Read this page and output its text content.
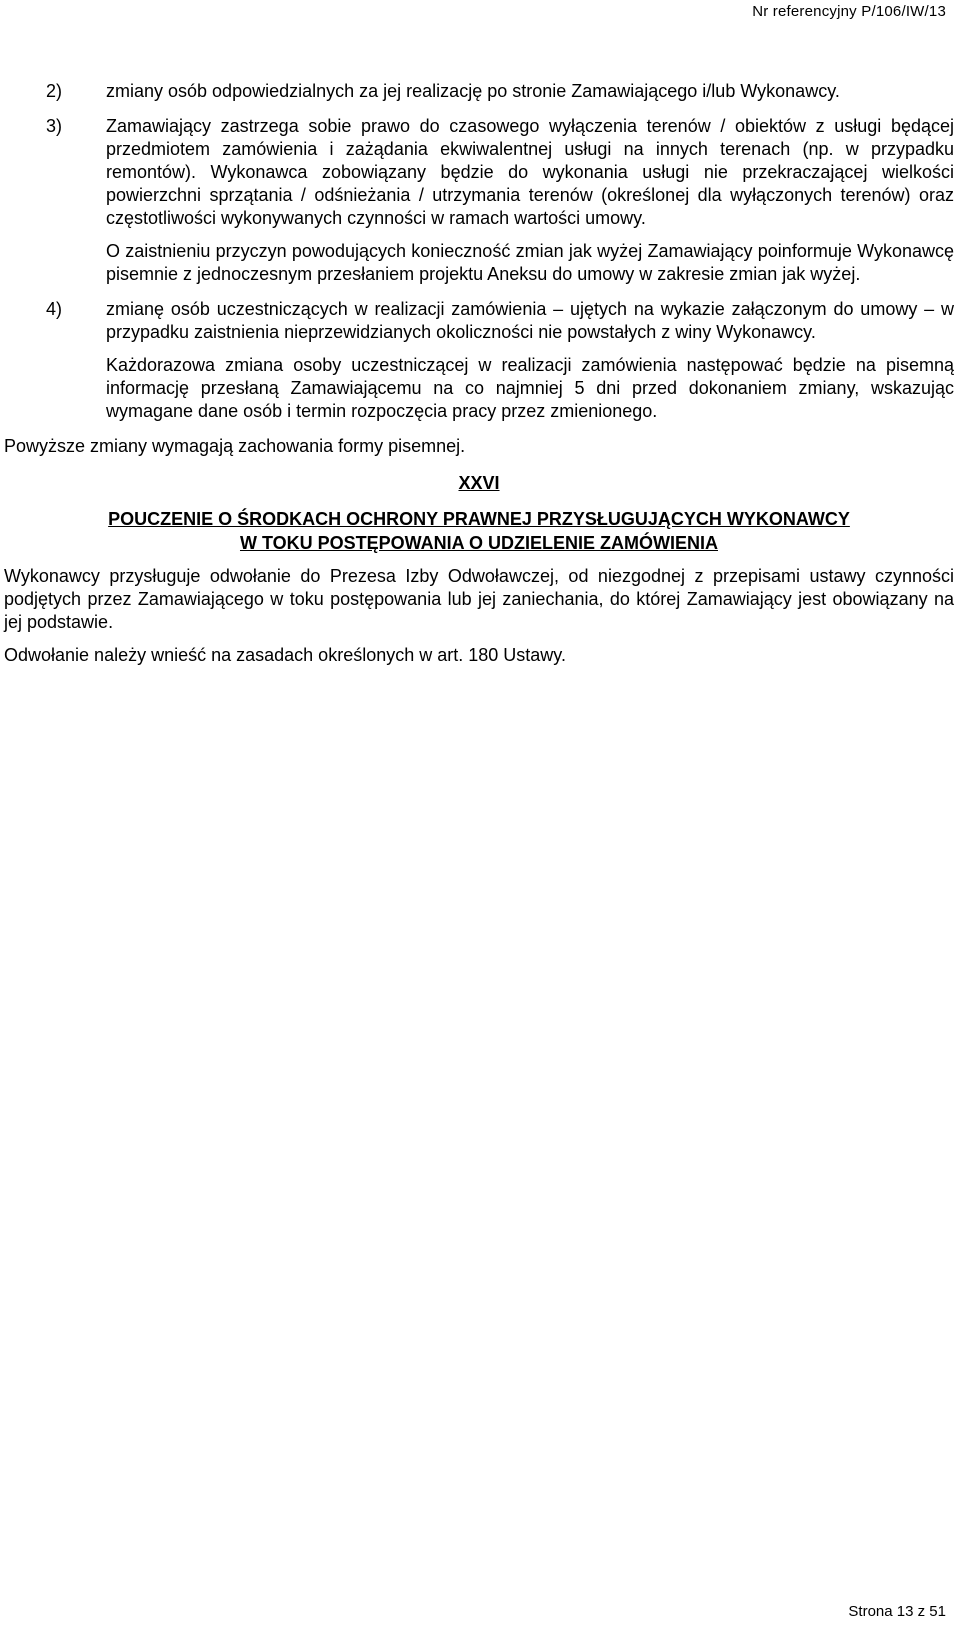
Nr referencyjny P/106/IW/13
2) zmiany osób odpowiedzialnych za jej realizację po stronie Zamawiającego i/lub Wykonawcy.

3) Zamawiający zastrzega sobie prawo do czasowego wyłączenia terenów / obiektów z usługi będącej przedmiotem zamówienia i zażądania ekwiwalentnej usługi na innych terenach (np. w przypadku remontów). Wykonawca zobowiązany będzie do wykonania usługi nie przekraczającej wielkości powierzchni sprzątania / odśnieżania / utrzymania terenów (określonej dla wyłączonych terenów) oraz częstotliwości wykonywanych czynności w ramach wartości umowy.

O zaistnieniu przyczyn powodujących konieczność zmian jak wyżej Zamawiający poinformuje Wykonawcę pisemnie z jednoczesnym przesłaniem projektu Aneksu do umowy w zakresie zmian jak wyżej.

4) zmianę osób uczestniczących w realizacji zamówienia – ujętych na wykazie załączonym do umowy – w przypadku zaistnienia nieprzewidzianych okoliczności nie powstałych z winy Wykonawcy.

Każdorazowa zmiana osoby uczestniczącej w realizacji zamówienia następować będzie na pisemną informację przesłaną Zamawiającemu na co najmniej 5 dni przed dokonaniem zmiany, wskazując wymagane dane osób i termin rozpoczęcia pracy przez zmienionego.

Powyższe zmiany wymagają zachowania formy pisemnej.

XXVI
POUCZENIE O ŚRODKACH OCHRONY PRAWNEJ PRZYSŁUGUJĄCYCH WYKONAWCY
W TOKU POSTĘPOWANIA O UDZIELENIE ZAMÓWIENIA

Wykonawcy przysługuje odwołanie do Prezesa Izby Odwoławczej, od niezgodnej z przepisami ustawy czynności podjętych przez Zamawiającego w toku postępowania lub jej zaniechania, do której Zamawiający jest obowiązany na jej podstawie.

Odwołanie należy wnieść na zasadach określonych w art. 180 Ustawy.

Strona 13 z 51
